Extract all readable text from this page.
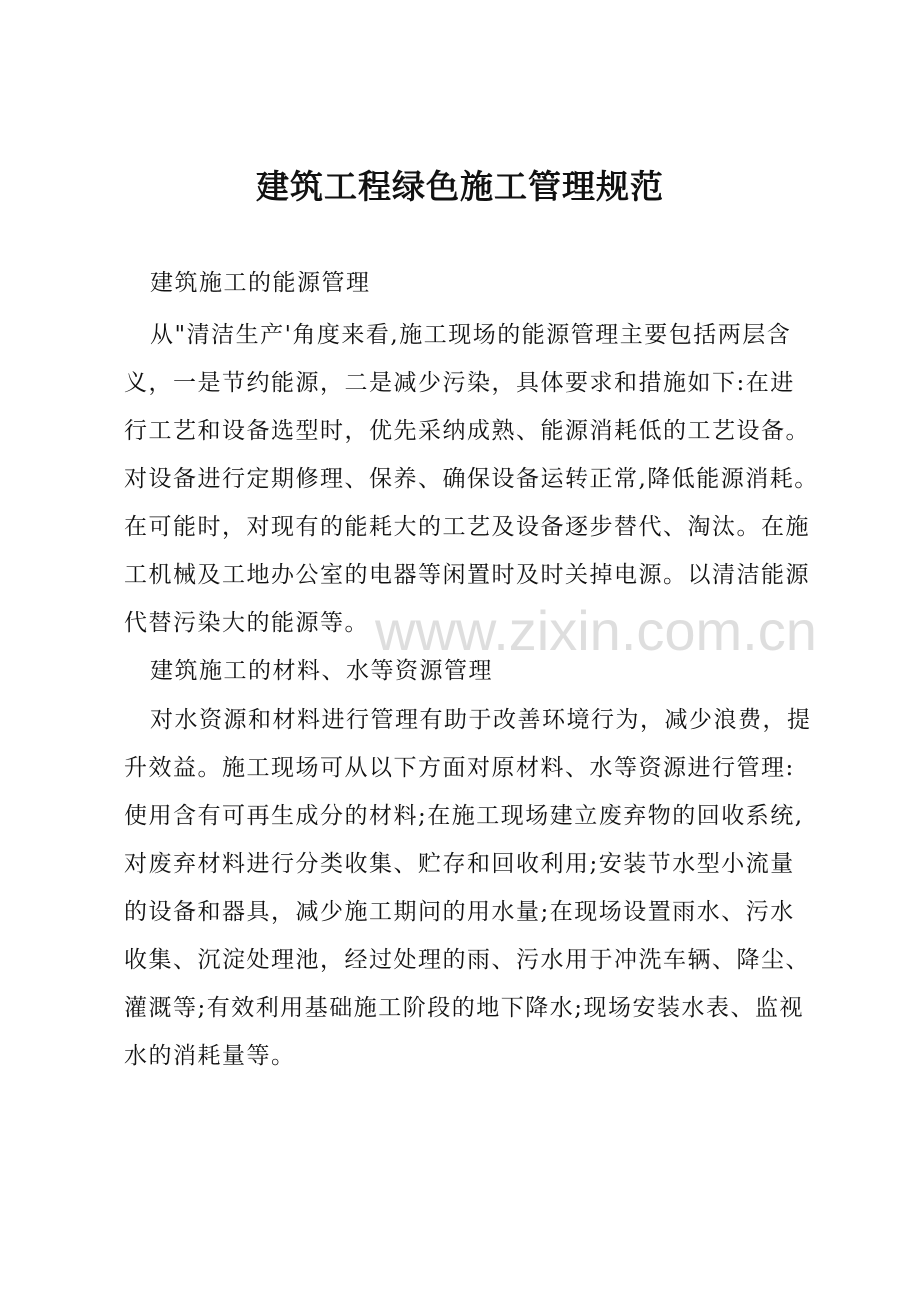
www.zixin.com.cn
建筑工程绿色施工管理规范
建筑施工的能源管理
从"清洁生产'角度来看,施工现场的能源管理主要包括两层含
义，一是节约能源，二是减少污染，具体要求和措施如下:在进
行工艺和设备选型时，优先采纳成熟、能源消耗低的工艺设备。
对设备进行定期修理、保养、确保设备运转正常,降低能源消耗。
在可能时，对现有的能耗大的工艺及设备逐步替代、淘汰。在施
工机械及工地办公室的电器等闲置时及时关掉电源。以清洁能源
代替污染大的能源等。
建筑施工的材料、水等资源管理
对水资源和材料进行管理有助于改善环境行为，减少浪费，提
升效益。施工现场可从以下方面对原材料、水等资源进行管理:
使用含有可再生成分的材料;在施工现场建立废弃物的回收系统,
对废弃材料进行分类收集、贮存和回收利用;安装节水型小流量
的设备和器具，减少施工期问的用水量;在现场设置雨水、污水
收集、沉淀处理池，经过处理的雨、污水用于冲洗车辆、降尘、
灌溉等;有效利用基础施工阶段的地下降水;现场安装水表、监视
水的消耗量等。
